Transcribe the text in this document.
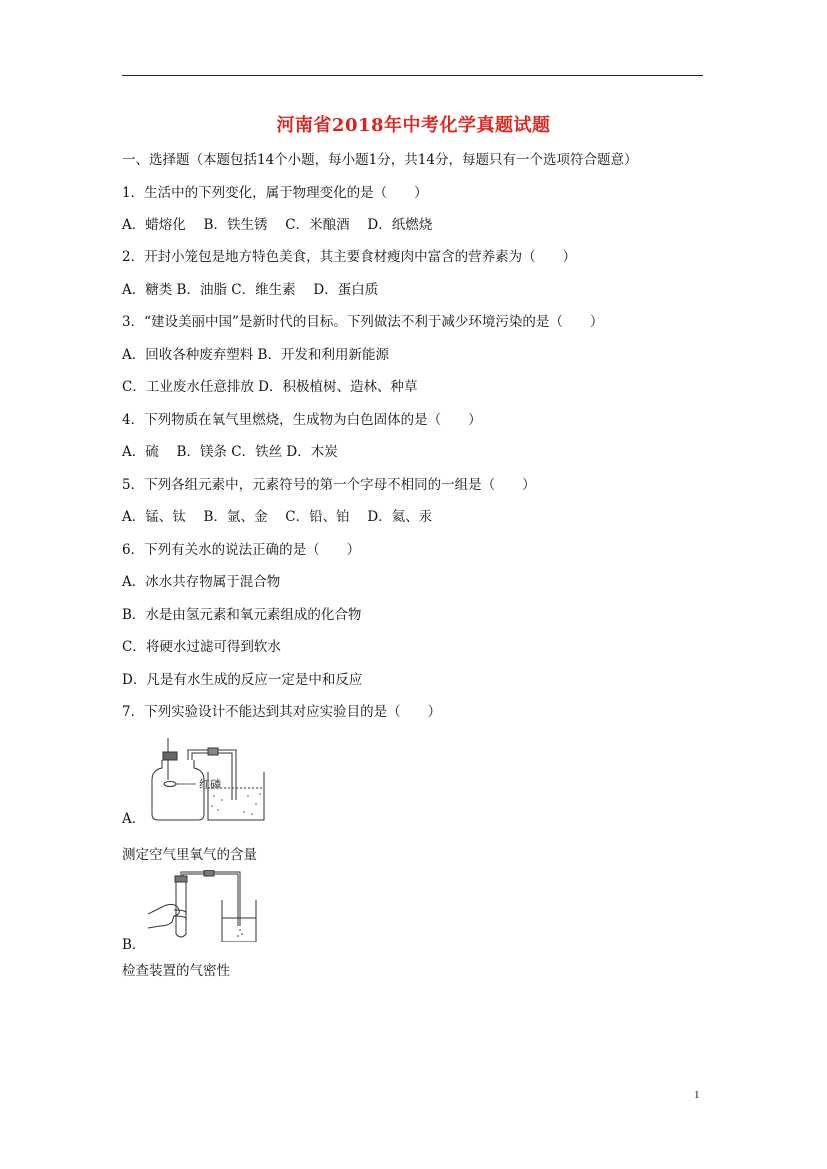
河南省2018年中考化学真题试题
一、选择题（本题包括14个小题，每小题1分，共14分，每题只有一个选项符合题意）
1．生活中的下列变化，属于物理变化的是（　　）
A．蜡熔化　 B．铁生锈　 C．米酿酒　 D．纸燃烧
2．开封小笼包是地方特色美食，其主要食材瘦肉中富含的营养素为（　　）
A．糖类 B．油脂 C．维生素　 D．蛋白质
3．“建设美丽中国”是新时代的目标。下列做法不利于减少环境污染的是（　　）
A．回收各种废弃塑料 B．开发和利用新能源
C．工业废水任意排放 D．积极植树、造林、种草
4．下列物质在氧气里燃烧，生成物为白色固体的是（　　）
A．硫　 B．镁条 C．铁丝 D．木炭
5．下列各组元素中，元素符号的第一个字母不相同的一组是（　　）
A．锰、钛　 B．氩、金　 C．铅、铂　 D．氦、汞
6．下列有关水的说法正确的是（　　）
A．冰水共存物属于混合物
B．水是由氢元素和氧元素组成的化合物
C．将硬水过滤可得到软水
D．凡是有水生成的反应一定是中和反应
7．下列实验设计不能达到其对应实验目的是（　　）
红磷
A．
测定空气里氧气的含量
B．
检查装置的气密性
1
